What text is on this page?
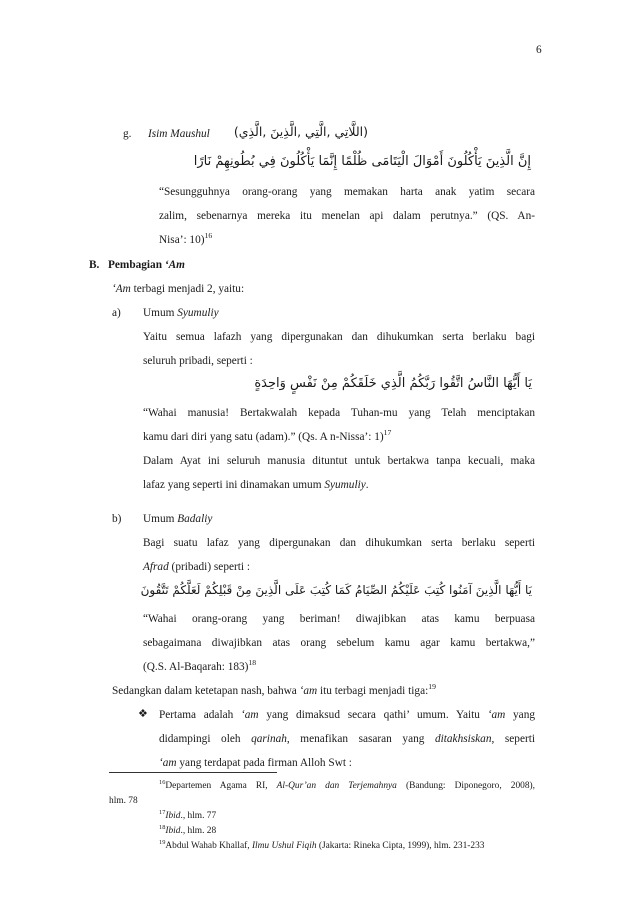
6
g. Isim Maushul (اللَّاتِي ,الَّتِي ,الَّذِينَ ,الَّذِي)
إِنَّ الَّذِينَ يَأْكُلُونَ أَمْوَالَ الْيَتَامَى ظُلْمًا إِنَّمَا يَأْكُلُونَ فِي بُطُونِهِمْ نَارًا
“Sesungguhnya orang-orang yang memakan harta anak yatim secara
zalim, sebenarnya mereka itu menelan api dalam perutnya.” (QS. An-
Nisa’: 10)$^{16}$
B. Pembagian ‘Am
‘Am terbagi menjadi 2, yaitu:
a) Umum Syumuliy
Yaitu semua lafazh yang dipergunakan dan dihukumkan serta berlaku bagi
seluruh pribadi, seperti :
يَا أَيُّهَا النَّاسُ اتَّقُوا رَبَّكُمُ الَّذِي خَلَقَكُمْ مِنْ نَفْسٍ وَاحِدَةٍ
“Wahai manusia! Bertakwalah kepada Tuhan-mu yang Telah menciptakan
kamu dari diri yang satu (adam).” (Qs. A n-Nissa’: 1)$^{17}$
Dalam Ayat ini seluruh manusia dituntut untuk bertakwa tanpa kecuali, maka
lafaz yang seperti ini dinamakan umum Syumuliy.
b) Umum Badaliy
Bagi suatu lafaz yang dipergunakan dan dihukumkan serta berlaku seperti
Afrad (pribadi) seperti :
يَا أَيُّهَا الَّذِينَ آمَنُوا كُتِبَ عَلَيْكُمُ الصِّيَامُ كَمَا كُتِبَ عَلَى الَّذِينَ مِنْ قَبْلِكُمْ لَعَلَّكُمْ تَتَّقُونَ
“Wahai orang-orang yang beriman! diwajibkan atas kamu berpuasa
sebagaimana diwajibkan atas orang sebelum kamu agar kamu bertakwa,”
(Q.S. Al-Baqarah: 183)$^{18}$
Sedangkan dalam ketetapan nash, bahwa ‘am itu terbagi menjadi tiga:$^{19}$
❖ Pertama adalah ‘am yang dimaksud secara qathi’ umum. Yaitu ‘am yang
didampingi oleh qarinah, menafikan sasaran yang ditakhsiskan, seperti
‘am yang terdapat pada firman Alloh Swt :
$^{16}$Departemen Agama RI, Al-Qur’an dan Terjemahnya (Bandung: Diponegoro, 2008),
hlm. 78
$^{17}$Ibid., hlm. 77
$^{18}$Ibid., hlm. 28
$^{19}$Abdul Wahab Khallaf, Ilmu Ushul Fiqih (Jakarta: Rineka Cipta, 1999), hlm. 231-233
